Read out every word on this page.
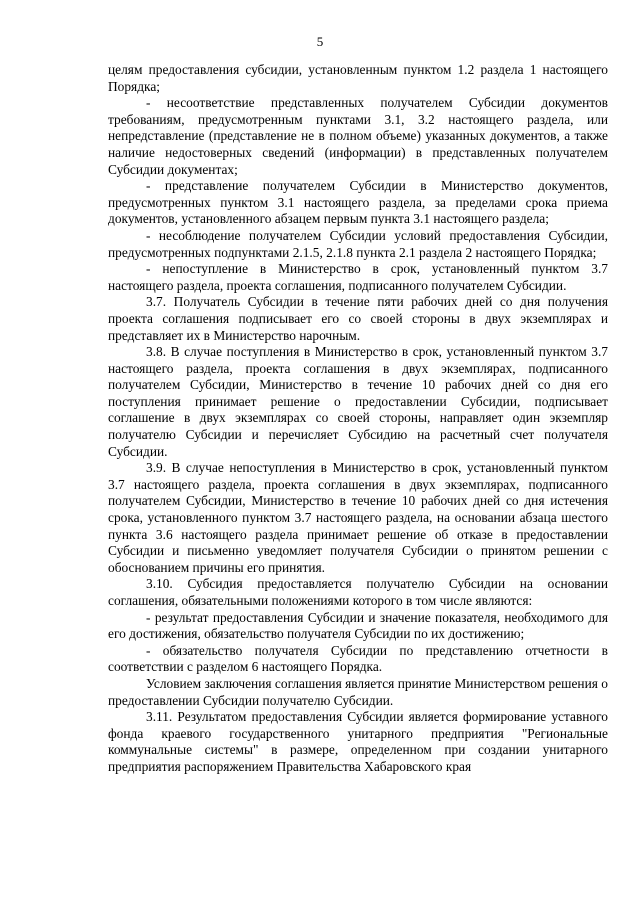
5

целям предоставления субсидии, установленным пунктом 1.2 раздела 1 настоящего Порядка;

- несоответствие представленных получателем Субсидии документов требованиям, предусмотренным пунктами 3.1, 3.2 настоящего раздела, или непредставление (представление не в полном объеме) указанных документов, а также наличие недостоверных сведений (информации) в представленных получателем Субсидии документах;

- представление получателем Субсидии в Министерство документов, предусмотренных пунктом 3.1 настоящего раздела, за пределами срока приема документов, установленного абзацем первым пункта 3.1 настоящего раздела;

- несоблюдение получателем Субсидии условий предоставления Субсидии, предусмотренных подпунктами 2.1.5, 2.1.8 пункта 2.1 раздела 2 настоящего Порядка;

- непоступление в Министерство в срок, установленный пунктом 3.7 настоящего раздела, проекта соглашения, подписанного получателем Субсидии.

3.7. Получатель Субсидии в течение пяти рабочих дней со дня получения проекта соглашения подписывает его со своей стороны в двух экземплярах и представляет их в Министерство нарочным.

3.8. В случае поступления в Министерство в срок, установленный пунктом 3.7 настоящего раздела, проекта соглашения в двух экземплярах, подписанного получателем Субсидии, Министерство в течение 10 рабочих дней со дня его поступления принимает решение о предоставлении Субсидии, подписывает соглашение в двух экземплярах со своей стороны, направляет один экземпляр получателю Субсидии и перечисляет Субсидию на расчетный счет получателя Субсидии.

3.9. В случае непоступления в Министерство в срок, установленный пунктом 3.7 настоящего раздела, проекта соглашения в двух экземплярах, подписанного получателем Субсидии, Министерство в течение 10 рабочих дней со дня истечения срока, установленного пунктом 3.7 настоящего раздела, на основании абзаца шестого пункта 3.6 настоящего раздела принимает решение об отказе в предоставлении Субсидии и письменно уведомляет получателя Субсидии о принятом решении с обоснованием причины его принятия.

3.10. Субсидия предоставляется получателю Субсидии на основании соглашения, обязательными положениями которого в том числе являются:

- результат предоставления Субсидии и значение показателя, необходимого для его достижения, обязательство получателя Субсидии по их достижению;

- обязательство получателя Субсидии по представлению отчетности в соответствии с разделом 6 настоящего Порядка.

Условием заключения соглашения является принятие Министерством решения о предоставлении Субсидии получателю Субсидии.

3.11. Результатом предоставления Субсидии является формирование уставного фонда краевого государственного унитарного предприятия "Региональные коммунальные системы" в размере, определенном при создании унитарного предприятия распоряжением Правительства Хабаровского края
